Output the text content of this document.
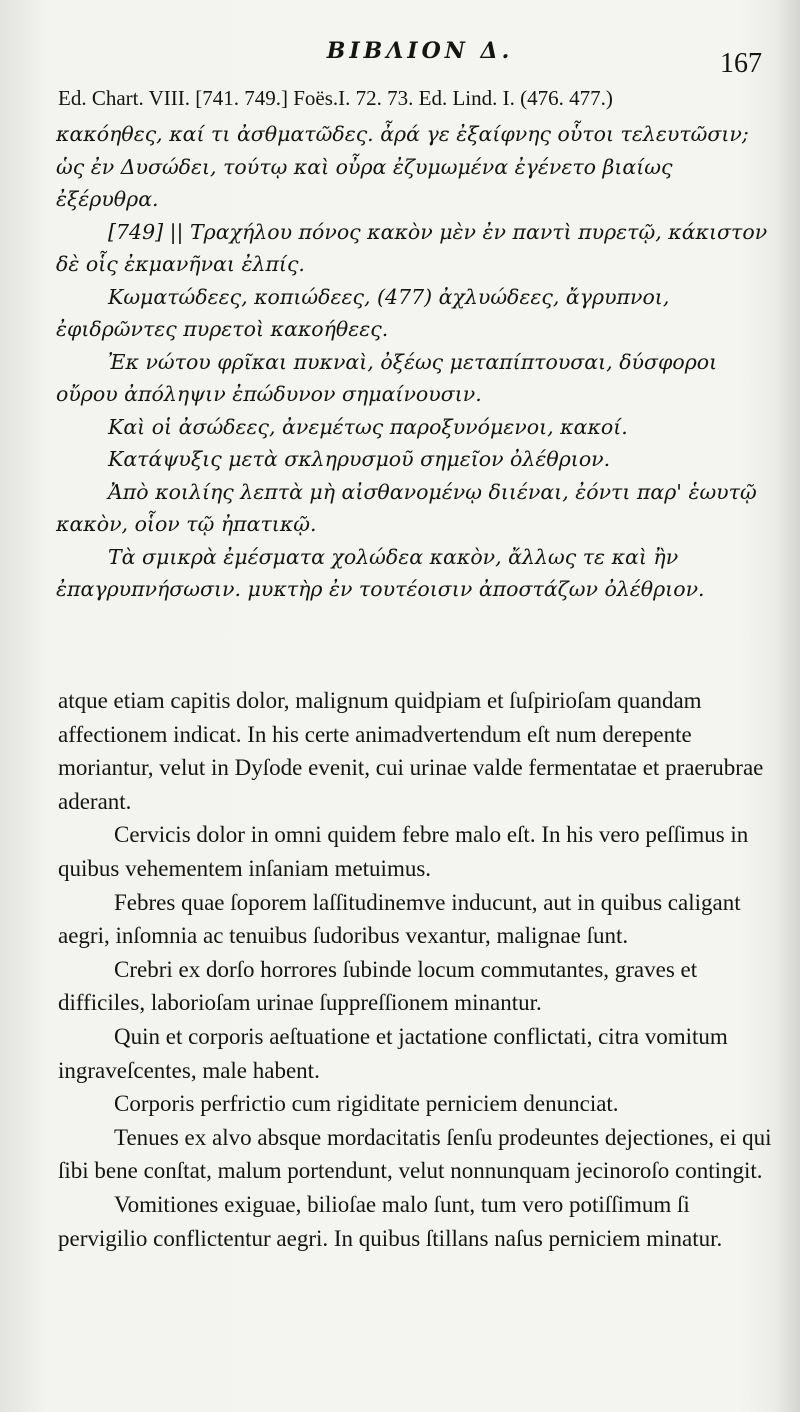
ΒΙΒΛΙΟΝ Δ.	167
Ed. Chart. VIII. [741. 749.] Foës.I. 72. 73. Ed. Lind. I. (476. 477.)

κακόηθες, καί τι ἀσθματῶδες. ἆρά γε ἐξαίφνης οὗτοι τελευτῶσιν; ὡς ἐν Δυσώδει, τούτῳ καὶ οὖρα ἐζυμωμένα ἐγένετο βιαίως ἐξέρυθρα.

[749] || Τραχήλου πόνος κακὸν μὲν ἐν παντὶ πυρετῷ, κάκιστον δὲ οἷς ἐκμανῆναι ἐλπίς.

Κωματώδεες, κοπιώδεες, (477) ἀχλυώδεες, ἄγρυπνοι, ἐφιδρῶντες πυρετοὶ κακοήθεες.

Ἐκ νώτου φρῖκαι πυκναὶ, ὀξέως μεταπίπτουσαι, δύσφοροι οὔρου ἀπόληψιν ἐπώδυνον σημαίνουσιν.

Καὶ οἱ ἀσώδεες, ἀνεμέτως παροξυνόμενοι, κακοί.

Κατάψυξις μετὰ σκληρυσμοῦ σημεῖον ὀλέθριον.

Ἀπὸ κοιλίης λεπτὰ μὴ αἰσθανομένῳ διιέναι, ἐόντι παρ' ἑωυτῷ κακὸν, οἷον τῷ ἠπατικῷ.

Τὰ σμικρὰ ἐμέσματα χολώδεα κακὸν, ἄλλως τε καὶ ἢν ἐπαγρυπνήσωσιν. μυκτὴρ ἐν τουτέοισιν ἀποστάζων ὀλέθριον.

atque etiam capitis dolor, malignum quidpiam et ſuſpirioſam quandam affectionem indicat. In his certe animadvertendum eſt num derepente moriantur, velut in Dyſode evenit, cui urinae valde fermentatae et praerubrae aderant.

Cervicis dolor in omni quidem febre malo eſt. In his vero peſſimus in quibus vehementem inſaniam metuimus.

Febres quae ſoporem laſſitudinemve inducunt, aut in quibus caligant aegri, inſomnia ac tenuibus ſudoribus vexantur, malignae ſunt.

Crebri ex dorſo horrores ſubinde locum commutantes, graves et difficiles, laborioſam urinae ſuppreſſionem minantur.

Quin et corporis aeſtuatione et jactatione conflictati, citra vomitum ingraveſcentes, male habent.

Corporis perfrictio cum rigiditate perniciem denunciat.

Tenues ex alvo absque mordacitatis ſenſu prodeuntes dejectiones, ei qui ſibi bene conſtat, malum portendunt, velut nonnunquam jecinoroſo contingit.

Vomitiones exiguae, bilioſae malo ſunt, tum vero potiſſimum ſi pervigilio conflictentur aegri. In quibus ſtillans naſus perniciem minatur.
